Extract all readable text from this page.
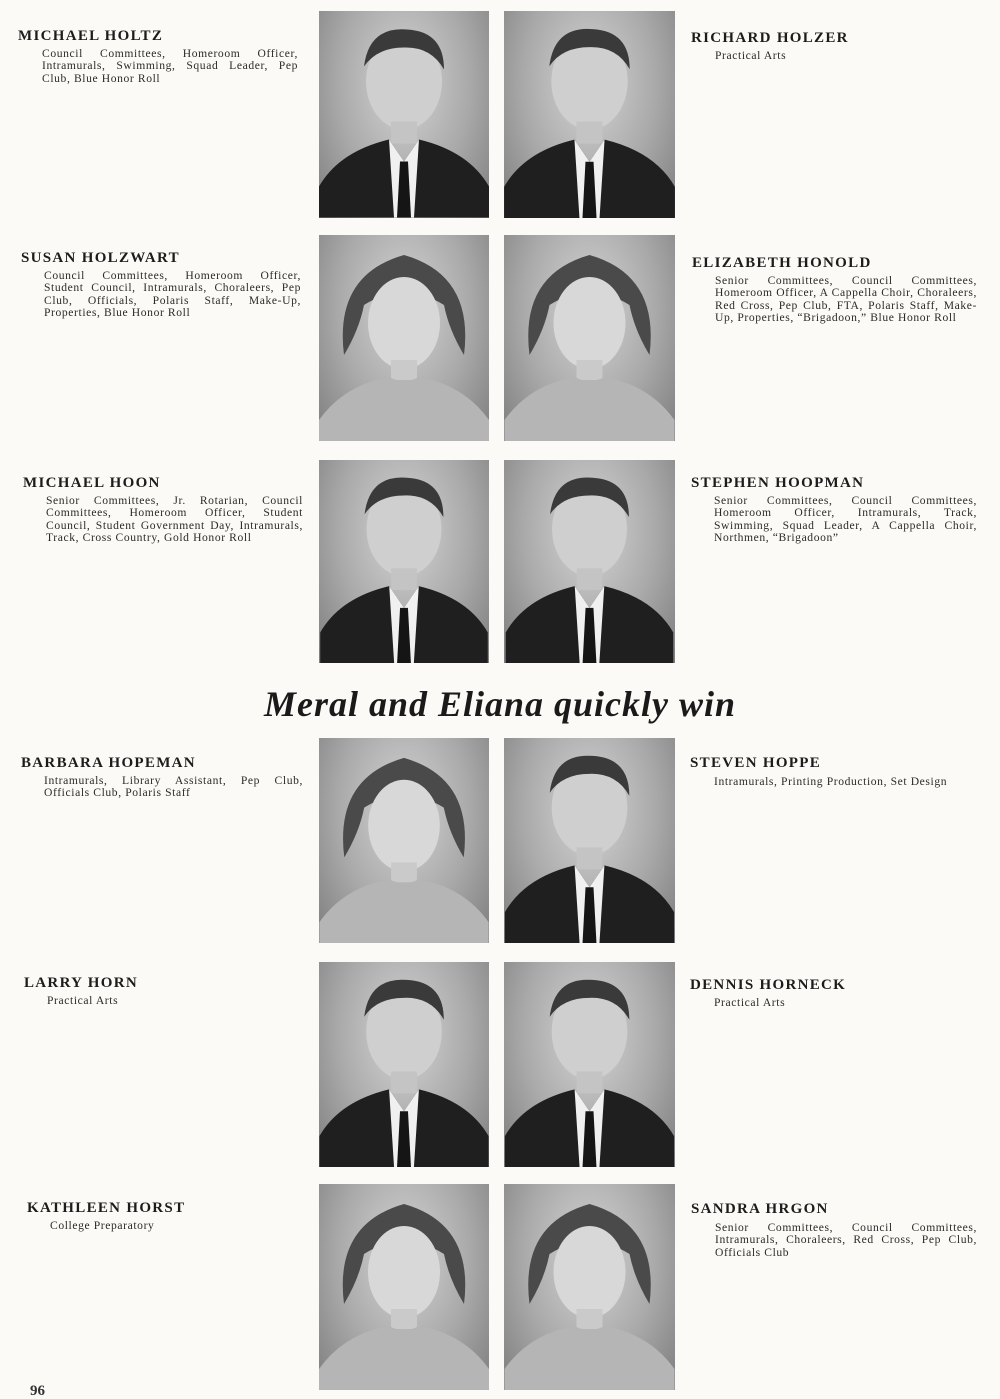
MICHAEL HOLTZ

Council Committees, Homeroom Officer, Intramurals, Swimming, Squad Leader, Pep Club, Blue Honor Roll

RICHARD HOLZER

Practical Arts

SUSAN HOLZWART

Council Committees, Homeroom Officer, Student Council, Intramurals, Choraleers, Pep Club, Officials, Polaris Staff, Make-Up, Properties, Blue Honor Roll

ELIZABETH HONOLD

Senior Committees, Council Committees, Homeroom Officer, A Cappella Choir, Choraleers, Red Cross, Pep Club, FTA, Polaris Staff, Make-Up, Properties, “Brigadoon,” Blue Honor Roll

MICHAEL HOON

Senior Committees, Jr. Rotarian, Council Committees, Homeroom Officer, Student Council, Student Government Day, Intramurals, Track, Cross Country, Gold Honor Roll

STEPHEN HOOPMAN

Senior Committees, Council Committees, Homeroom Officer, Intramurals, Track, Swimming, Squad Leader, A Cappella Choir, Northmen, “Brigadoon”

Meral and Eliana quickly win
BARBARA HOPEMAN

Intramurals, Library Assistant, Pep Club, Officials Club, Polaris Staff

STEVEN HOPPE

Intramurals, Printing Production, Set Design

LARRY HORN

Practical Arts

DENNIS HORNECK

Practical Arts

KATHLEEN HORST

College Preparatory

SANDRA HRGON

Senior Committees, Council Committees, Intramurals, Choraleers, Red Cross, Pep Club, Officials Club

96
